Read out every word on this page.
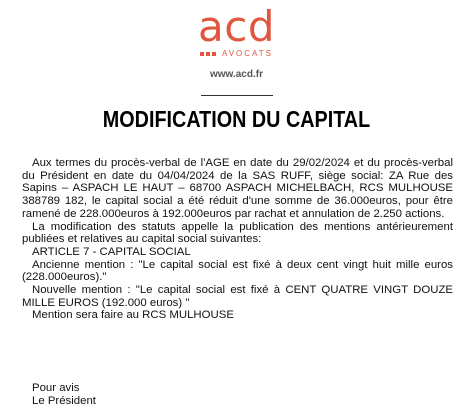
acd
AVOCATS
www.acd.fr
MODIFICATION DU CAPITAL

Aux termes du procès-verbal de l'AGE en date du 29/02/2024 et du procès-verbal du Président en date du 04/04/2024 de la SAS RUFF, siège social: ZA Rue des Sapins – ASPACH LE HAUT – 68700 ASPACH MICHELBACH, RCS MULHOUSE 388789 182, le capital social a été réduit d'une somme de 36.000euros, pour être ramené de 228.000euros à 192.000euros par rachat et annulation de 2.250 actions.

La modification des statuts appelle la publication des mentions antérieurement publiées et relatives au capital social suivantes:

ARTICLE 7 - CAPITAL SOCIAL

Ancienne mention : "Le capital social est fixé à deux cent vingt huit mille euros (228.000euros)."

Nouvelle mention : "Le capital social est fixé à CENT QUATRE VINGT DOUZE MILLE EUROS (192.000 euros) "

Mention sera faire au RCS MULHOUSE

Pour avis
Le Président
